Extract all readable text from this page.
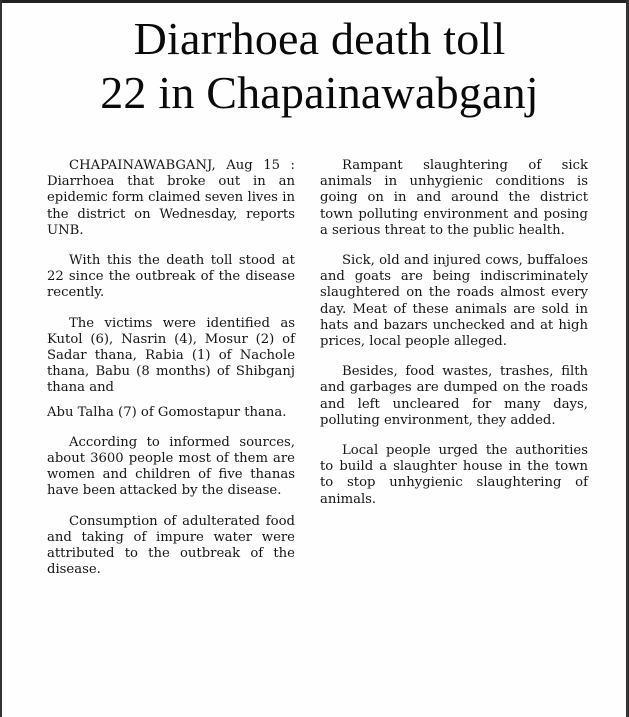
Diarrhoea death toll
22 in Chapainawabganj

CHAPAINAWABGANJ, Aug 15 : Diarrhoea that broke out in an epidemic form claimed seven lives in the district on Wednesday, reports UNB.

With this the death toll stood at 22 since the outbreak of the disease recently.

The victims were identified as Kutol (6), Nasrin (4), Mosur (2) of Sadar thana, Rabia (1) of Nachole thana, Babu (8 months) of Shibganj thana and

Abu Talha (7) of Gomostapur thana.

According to informed sources, about 3600 people most of them are women and children of five thanas have been attacked by the disease.

Consumption of adulterated food and taking of impure water were attributed to the outbreak of the disease.

Rampant slaughtering of sick animals in unhygienic conditions is going on in and around the district town polluting environment and posing a serious threat to the public health.

Sick, old and injured cows, buffaloes and goats are being indiscriminately slaughtered on the roads almost every day. Meat of these animals are sold in hats and bazars unchecked and at high prices, local people alleged.

Besides, food wastes, trashes, filth and garbages are dumped on the roads and left uncleared for many days, polluting environment, they added.

Local people urged the authorities to build a slaughter house in the town to stop unhygienic slaughtering of animals.
